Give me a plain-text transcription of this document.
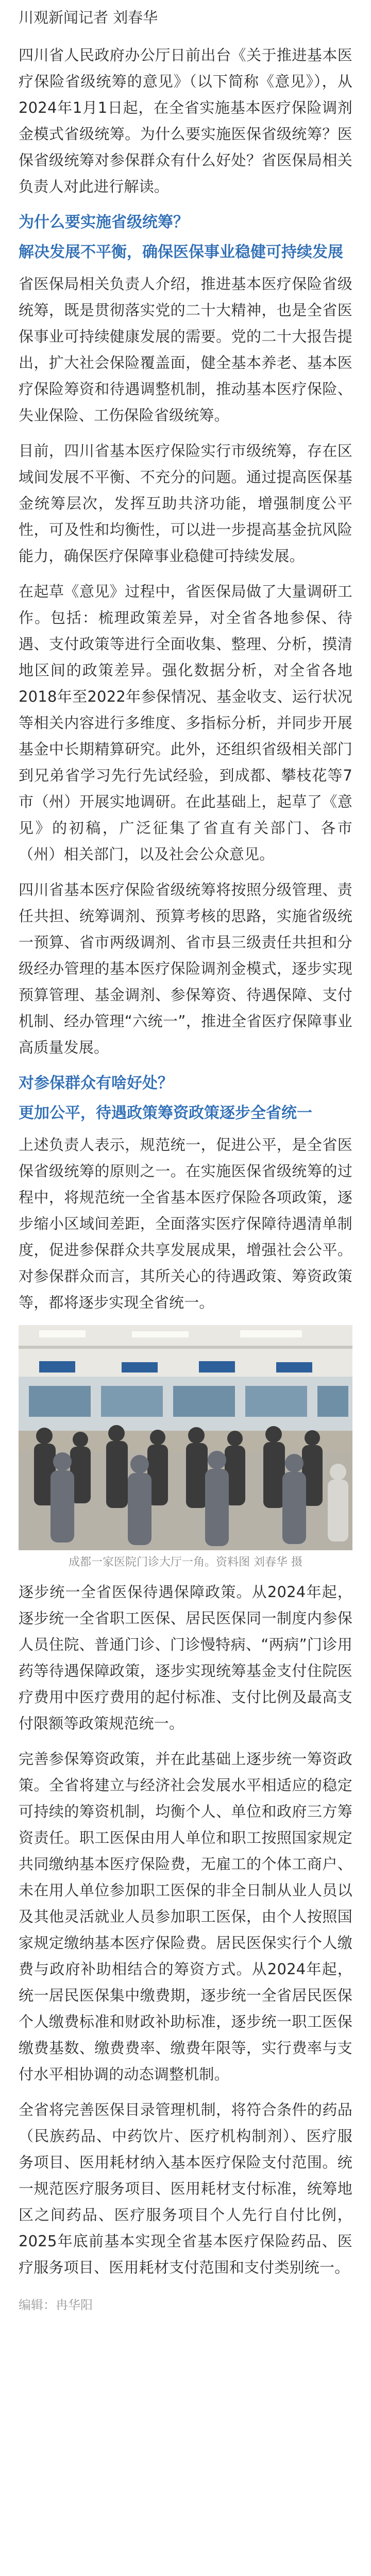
川观新闻记者 刘春华

四川省人民政府办公厅日前出台《关于推进基本医疗保险省级统筹的意见》（以下简称《意见》），从2024年1月1日起，在全省实施基本医疗保险调剂金模式省级统筹。为什么要实施医保省级统筹？医保省级统筹对参保群众有什么好处？省医保局相关负责人对此进行解读。

为什么要实施省级统筹？
解决发展不平衡，确保医保事业稳健可持续发展

省医保局相关负责人介绍，推进基本医疗保险省级统筹，既是贯彻落实党的二十大精神，也是全省医保事业可持续健康发展的需要。党的二十大报告提出，扩大社会保险覆盖面，健全基本养老、基本医疗保险筹资和待遇调整机制，推动基本医疗保险、失业保险、工伤保险省级统筹。

目前，四川省基本医疗保险实行市级统筹，存在区域间发展不平衡、不充分的问题。通过提高医保基金统筹层次，发挥互助共济功能，增强制度公平性，可及性和均衡性，可以进一步提高基金抗风险能力，确保医疗保障事业稳健可持续发展。

在起草《意见》过程中，省医保局做了大量调研工作。包括：梳理政策差异，对全省各地参保、待遇、支付政策等进行全面收集、整理、分析，摸清地区间的政策差异。强化数据分析，对全省各地2018年至2022年参保情况、基金收支、运行状况等相关内容进行多维度、多指标分析，并同步开展基金中长期精算研究。此外，还组织省级相关部门到兄弟省学习先行先试经验，到成都、攀枝花等7市（州）开展实地调研。在此基础上，起草了《意见》的初稿，广泛征集了省直有关部门、各市（州）相关部门，以及社会公众意见。

四川省基本医疗保险省级统筹将按照分级管理、责任共担、统筹调剂、预算考核的思路，实施省级统一预算、省市两级调剂、省市县三级责任共担和分级经办管理的基本医疗保险调剂金模式，逐步实现预算管理、基金调剂、参保筹资、待遇保障、支付机制、经办管理“六统一”，推进全省医疗保障事业高质量发展。

对参保群众有啥好处？
更加公平，待遇政策筹资政策逐步全省统一

上述负责人表示，规范统一，促进公平，是全省医保省级统筹的原则之一。在实施医保省级统筹的过程中，将规范统一全省基本医疗保险各项政策，逐步缩小区域间差距，全面落实医疗保障待遇清单制度，促进参保群众共享发展成果，增强社会公平。对参保群众而言，其所关心的待遇政策、筹资政策等，都将逐步实现全省统一。

成都一家医院门诊大厅一角。资料图 刘春华 摄

逐步统一全省医保待遇保障政策。从2024年起，逐步统一全省职工医保、居民医保同一制度内参保人员住院、普通门诊、门诊慢特病、“两病”门诊用药等待遇保障政策，逐步实现统筹基金支付住院医疗费用中医疗费用的起付标准、支付比例及最高支付限额等政策规范统一。

完善参保筹资政策，并在此基础上逐步统一筹资政策。全省将建立与经济社会发展水平相适应的稳定可持续的筹资机制，均衡个人、单位和政府三方筹资责任。职工医保由用人单位和职工按照国家规定共同缴纳基本医疗保险费，无雇工的个体工商户、未在用人单位参加职工医保的非全日制从业人员以及其他灵活就业人员参加职工医保，由个人按照国家规定缴纳基本医疗保险费。居民医保实行个人缴费与政府补助相结合的筹资方式。从2024年起，统一居民医保集中缴费期，逐步统一全省居民医保个人缴费标准和财政补助标准，逐步统一职工医保缴费基数、缴费费率、缴费年限等，实行费率与支付水平相协调的动态调整机制。

全省将完善医保目录管理机制，将符合条件的药品（民族药品、中药饮片、医疗机构制剂）、医疗服务项目、医用耗材纳入基本医疗保险支付范围。统一规范医疗服务项目、医用耗材支付标准，统筹地区之间药品、医疗服务项目个人先行自付比例，2025年底前基本实现全省基本医疗保险药品、医疗服务项目、医用耗材支付范围和支付类别统一。

编辑：冉华阳
